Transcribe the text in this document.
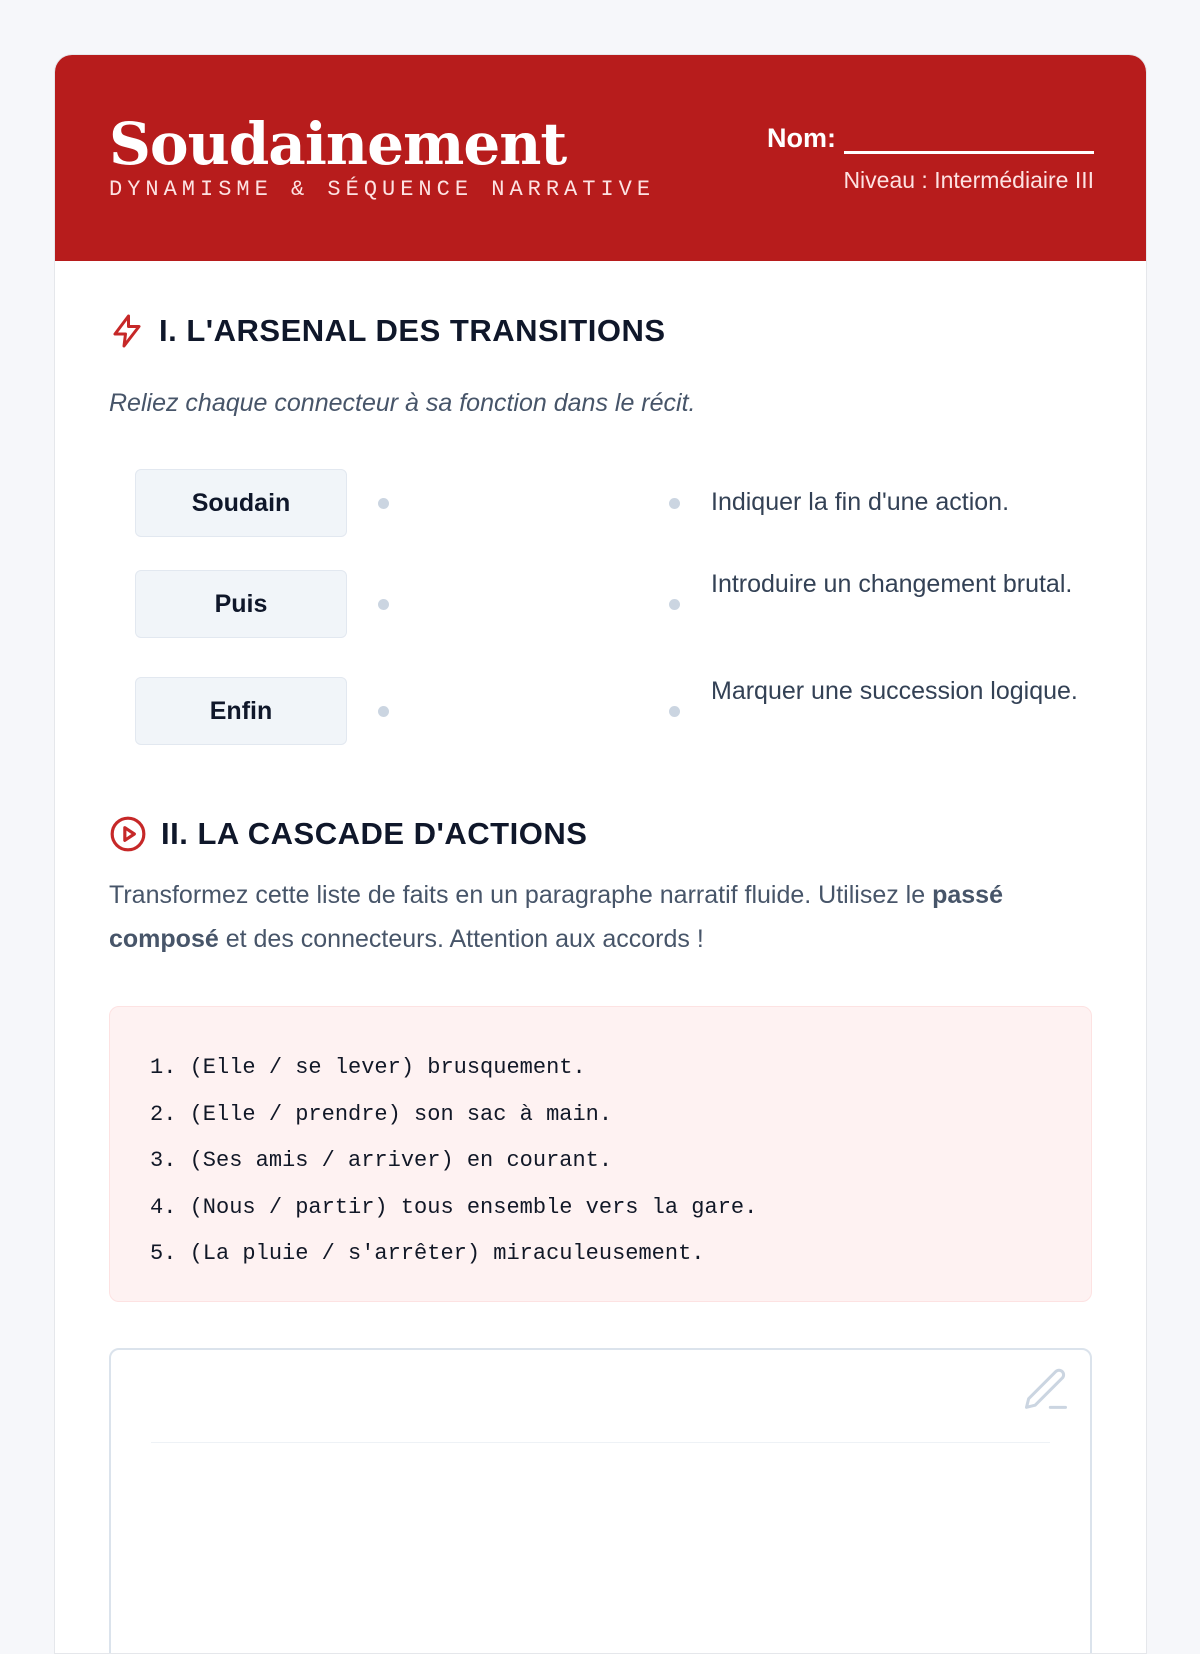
Soudainement
DYNAMISME & SÉQUENCE NARRATIVE
Nom:
Niveau : Intermédiaire III
I. L'ARSENAL DES TRANSITIONS
Reliez chaque connecteur à sa fonction dans le récit.
Soudain	Indiquer la fin d'une action.
Puis
Introduire un changement brutal.
Enfin
Marquer une succession logique.
II. LA CASCADE D'ACTIONS
Transformez cette liste de faits en un paragraphe narratif fluide. Utilisez le passé composé et des connecteurs. Attention aux accords !
1. (Elle / se lever) brusquement.
2. (Elle / prendre) son sac à main.
3. (Ses amis / arriver) en courant.
4. (Nous / partir) tous ensemble vers la gare.
5. (La pluie / s'arrêter) miraculeusement.
